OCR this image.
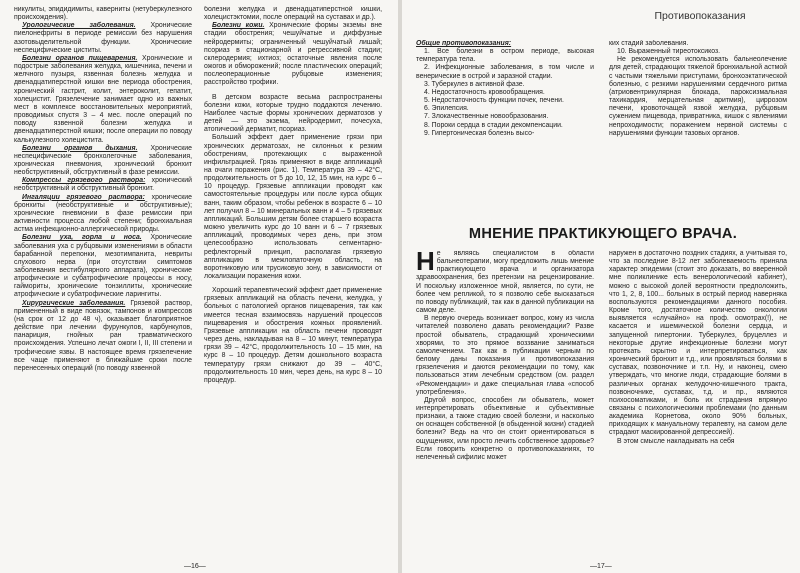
никулиты, эпидидимиты, каверниты (нетуберкулезного происхождения).

Урологические заболевания. Хронические пиелонефриты в периоде ремиссии без нарушения азотовыделительной функции. Хронические неспецифические циститы.

Болезни органов пищеварения. Хронические и подострые заболевания желудка, кишечника, печени и желчного пузыря, язвенная болезнь желудка и двенадцатиперстной кишки вне периода обострения, хронический гастрит, колит, энтероколит, гепатит, холецистит. Грязелечение занимает одно из важных мест в комплексе восстановительных мероприятий, проводимых спустя 3 – 4 мес. после операций по поводу язвенной болезни желудка и двенадцатиперстной кишки; после операции по поводу калькулезного холецистита.

Болезни органов дыхания. Хронические неспецифические бронхолегочные заболевания, хроническая пневмония, хронический бронхит необструктивный, обструктивный в фазе ремиссии.

Компрессы грязевого раствора: хронический необструктивный и обструктивный бронхит.

Ингаляции грязевого раствора: хронические бронхиты (необструктивные и обструктивные); хронические пневмонии в фазе ремиссии при активности процесса любой степени; бронхиальная астма инфекционно-аллергической природы.

Болезни уха, горла и носа. Хронические заболевания уха с рубцовыми изменениями в области барабанной перепонки, мезотимпанита, невриты слухового нерва (при отсутствии симптомов заболевания вестибулярного аппарата), хронические атрофические и субатрофические процессы в носу, гаймориты, хронические тонзиллиты, хронические атрофические и субатрофические ларингиты.

Хирургические заболевания. Грязевой раствор, примененный в виде повязок, тампонов и компрессов (на срок от 12 до 48 ч), оказывает благоприятное действие при лечении фурункулов, карбункулов, панариция, гнойных ран травматического происхождения. Успешно лечат ожоги I, II, III степени и трофические язвы. В настоящее время грязелечение все чаще применяют в ближайшие сроки после перенесенных операций (по поводу язвенной

болезни желудка и двенадцатиперстной кишки, холецистэктомии, после операций на суставах и др.).

Болезни кожи. Хронические формы экземы вне стадии обострения; чешуйчатые и диффузные нейродермиты; ограниченный чешуйчатый лишай; псориаз в стационарной и регрессивной стадии; склеродермия; ихтиоз; остаточные явления после ожогов и обморожений; после пластических операций; послеоперационные рубцовые изменения; расстройство трофики.

В детском возрасте весьма распространены болезни кожи, которые трудно поддаются лечению. Наиболее частые формы хронических дерматозов у детей — это экзема, нейродермит, почесуха, атопический дерматит, псориаз.

Больший эффект дает применение грязи при хронических дерматозах, не склонных к резким обострениям, протекающих с выраженной инфильтрацией. Грязь применяют в виде аппликаций на очаги поражения (рис. 1). Температура 39 – 42°С, продолжительность от 5 до 10, 12, 15 мин, на курс 6 – 10 процедур. Грязевые аппликации проводят как самостоятельные процедуры или после курса общих ванн, таким образом, чтобы ребенок в возрасте 6 – 10 лет получил 8 – 10 минеральных ванн и 4 – 5 грязевых аппликаций. Большим детям более старшего возраста можно увеличить курс до 10 ванн и 6 – 7 грязевых аппликаций, проводимых через день, при этом целесообразно использовать сегментарно-рефлекторный принцип, располагая грязевую аппликацию в межлопаточную область, на воротниковую или трусиковую зону, в зависимости от локализации поражения кожи.

Хороший терапевтический эффект дает применение грязевых аппликаций на область печени, желудка, у больных с патологией органов пищеварения, так как имеется тесная взаимосвязь нарушений процессов пищеварения и обострения кожных проявлений. Грязевые аппликации на область печени проводят через день, накладывая на 8 – 10 минут, температура грязи 39 – 42°С, продолжительность 10 – 15 мин, на курс 8 – 10 процедур. Детям дошкольного возраста температуру грязи снижают до 39 – 40°С, продолжительность 10 мин, через день, на курс 8 – 10 процедур.

—16—
Противопоказания

Общие противопоказания:

1. Все болезни в остром периоде, высокая температура тела.

2. Инфекционные заболевания, в том числе и венерические в острой и заразной стадии.

3. Туберкулез в активной фазе.

4. Недостаточность кровообращения.

5. Недостаточность функции почек, печени.

6. Эпилепсия.

7. Злокачественные новообразования.

8. Пороки сердца в стадии декомпенсации.

9. Гипертоническая болезнь высо-

ких стадий заболевания.

10. Выраженный тиреотоксикоз.

Не рекомендуется использовать бальнеолечение для детей, страдающих тяжелой бронхиальной астмой с частыми тяжелыми приступами, бронхоэктатической болезнью, с резкими нарушениями сердечного ритма (атриовентрикулярная блокада, пароксизмальная тахикардия, мерцательная аритмия), циррозом печени, кровоточащей язвой желудка, рубцовым сужением пищевода, привратника, кишок с явлениями непроходимости; поражением нервной системы с нарушениями функции тазовых органов.

МНЕНИЕ ПРАКТИКУЮЩЕГО ВРАЧА.
Н е являясь специалистом в области бальнеотерапии, могу предложить лишь мнение практикующего врача и организатора здравоохранения, без претензии на рецензирование. И поскольку изложенное мной, является, по сути, не более чем репликой, то я позволю себе высказаться по поводу публикаций, так как в данной публикации на самом деле.

В первую очередь возникает вопрос, кому из числа читателей позволено давать рекомендации? Разве простой обыватель, страдающий хроническими хворями, то это прямое воззвание заниматься самолечением. Так как в публикации черным по белому даны показания и противопоказания грязелечения и даются рекомендации по тому, как пользоваться этим лечебным средством (см. раздел «Рекомендации» и даже специальная глава «способ употребления».

Другой вопрос, способен ли обыватель, может интерпретировать объективные и субъективные признаки, а также стадию своей болезни, и насколько он оснащен собственной (в обыденной жизни) стадией болезни? Ведь на что он стоит ориентироваться в ощущениях, или просто лечить собственное здоровье? Если говорить конкретно о противопоказаниях, то нелеченный сифилис может

наружен в достаточно поздних стадиях, а учитывая то, что за последние 8-12 лет заболеваемость приняла характер эпидемии (стоит это доказать, во вверенной мне поликлинике есть венерологический кабинет), можно с высокой долей вероятности предположить, что 1, 2, 8, 100... больных в острый период наверняка воспользуются рекомендациями данного пособия. Кроме того, достаточное количество онкологии выявляется «случайно» на проф. осмотрах(!), не касается и ишемической болезни сердца, и запущенной гипертонии. Туберкулез, бруцеллез и некоторые другие инфекционные болезни могут протекать скрытно и интерпретироваться, как хронический бронхит и т.д., или проявляться болями в суставах, позвоночнике и т.п. Ну, и наконец, смею утверждать, что многие люди, страдающие болями в различных органах желудочно-кишечного тракта, позвоночнике, суставах, т.д. и пр., являются психосоматиками, и боль их страдания впрямую связаны с психологическими проблемами (по данным академика Корнетова, около 90% больных, приходящих к мануальному терапевту, на самом деле страдают маскированной депрессией).

В этом смысле накладывать на себя

—17—
